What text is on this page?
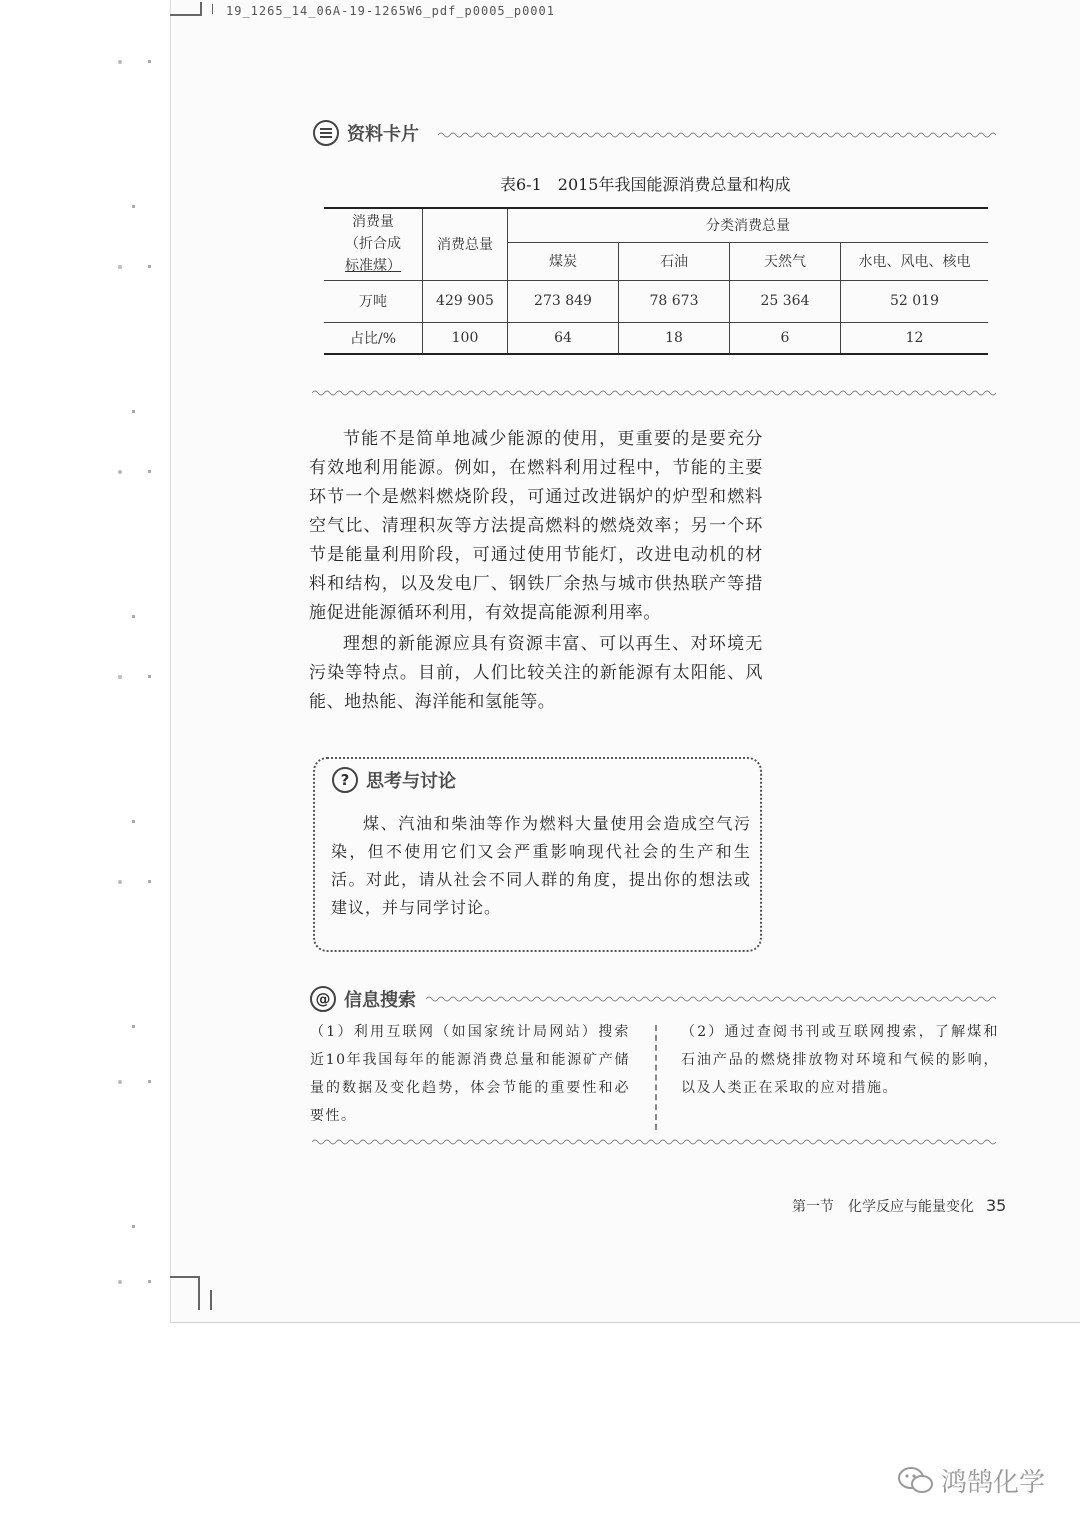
19_1265_14_06A-19-1265W6_pdf_p0005_p0001
资料卡片
表6-1　2015年我国能源消费总量和构成
消费量
（折合成
标准煤）	消费总量	分类消费总量			
		煤炭	石油	天然气	水电、风电、核电
万吨	429 905	273 849	78 673	25 364	52 019
占比/%	100	64	18	6	12

节能不是简单地减少能源的使用，更重要的是要充分有效地利用能源。例如，在燃料利用过程中，节能的主要环节一个是燃料燃烧阶段，可通过改进锅炉的炉型和燃料空气比、清理积灰等方法提高燃料的燃烧效率；另一个环节是能量利用阶段，可通过使用节能灯，改进电动机的材料和结构，以及发电厂、钢铁厂余热与城市供热联产等措施促进能源循环利用，有效提高能源利用率。

理想的新能源应具有资源丰富、可以再生、对环境无污染等特点。目前，人们比较关注的新能源有太阳能、风能、地热能、海洋能和氢能等。

? 思考与讨论
煤、汽油和柴油等作为燃料大量使用会造成空气污染，但不使用它们又会严重影响现代社会的生产和生活。对此，请从社会不同人群的角度，提出你的想法或建议，并与同学讨论。
@ 信息搜索
（1）利用互联网（如国家统计局网站）搜索近10年我国每年的能源消费总量和能源矿产储量的数据及变化趋势，体会节能的重要性和必要性。
（2）通过查阅书刊或互联网搜索，了解煤和石油产品的燃烧排放物对环境和气候的影响，以及人类正在采取的应对措施。
第一节　化学反应与能量变化 35
鸿鹄化学
